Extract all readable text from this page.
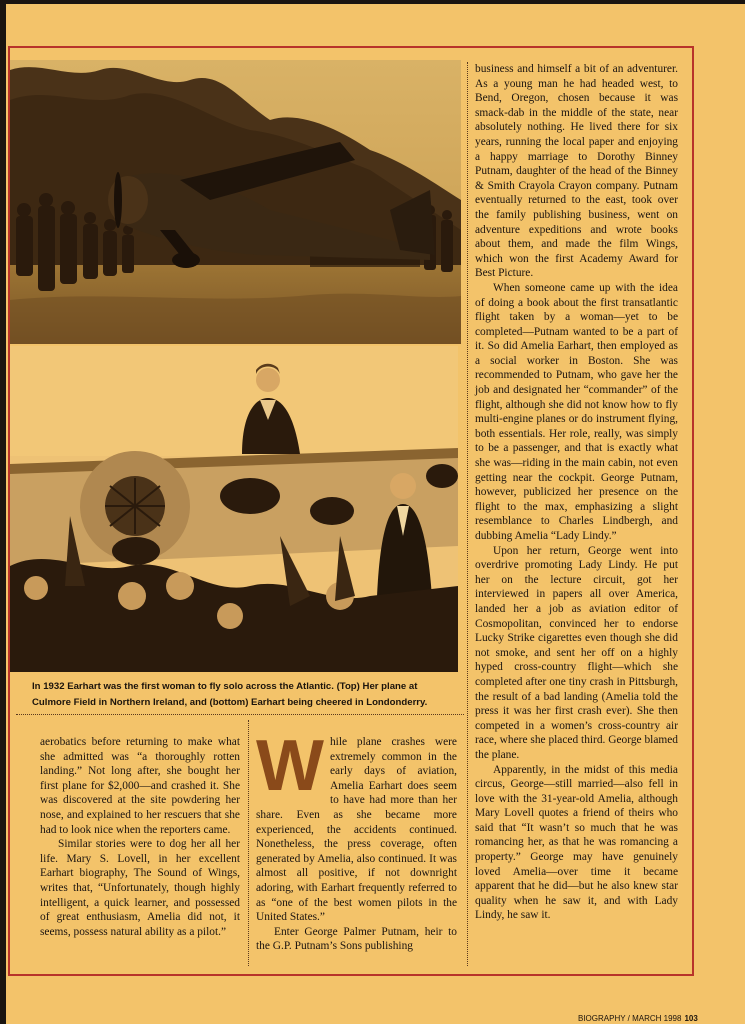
In 1932 Earhart was the first woman to fly solo across the Atlantic. (Top) Her plane at Culmore Field in Northern Ireland, and (bottom) Earhart being cheered in Londonderry.

aerobatics before returning to make what she admitted was “a thoroughly rotten landing.” Not long after, she bought her first plane for $2,000—and crashed it. She was discovered at the site powdering her nose, and explained to her rescuers that she had to look nice when the reporters came.

Similar stories were to dog her all her life. Mary S. Lovell, in her excellent Earhart biography, The Sound of Wings, writes that, “Unfortunately, though highly intelligent, a quick learner, and possessed of great enthusiasm, Amelia did not, it seems, possess natural ability as a pilot.”

W hile plane crashes were extremely common in the early days of aviation, Amelia Earhart does seem to have had more than her share. Even as she became more experienced, the accidents continued. Nonetheless, the press coverage, often generated by Amelia, also continued. It was almost all positive, if not downright adoring, with Earhart frequently referred to as “one of the best women pilots in the United States.”

Enter George Palmer Putnam, heir to the G.P. Putnam’s Sons publishing

business and himself a bit of an adventurer. As a young man he had headed west, to Bend, Oregon, chosen because it was smack-dab in the middle of the state, near absolutely nothing. He lived there for six years, running the local paper and enjoying a happy marriage to Dorothy Binney Putnam, daughter of the head of the Binney & Smith Crayola Crayon company. Putnam eventually returned to the east, took over the family publishing business, went on adventure expeditions and wrote books about them, and made the film Wings, which won the first Academy Award for Best Picture.

When someone came up with the idea of doing a book about the first transatlantic flight taken by a woman—yet to be completed—Putnam wanted to be a part of it. So did Amelia Earhart, then employed as a social worker in Boston. She was recommended to Putnam, who gave her the job and designated her “commander” of the flight, although she did not know how to fly multi-engine planes or do instrument flying, both essentials. Her role, really, was simply to be a passenger, and that is exactly what she was—riding in the main cabin, not even getting near the cockpit. George Putnam, however, publicized her presence on the flight to the max, emphasizing a slight resemblance to Charles Lindbergh, and dubbing Amelia “Lady Lindy.”

Upon her return, George went into overdrive promoting Lady Lindy. He put her on the lecture circuit, got her interviewed in papers all over America, landed her a job as aviation editor of Cosmopolitan, convinced her to endorse Lucky Strike cigarettes even though she did not smoke, and sent her off on a highly hyped cross-country flight—which she completed after one tiny crash in Pittsburgh, the result of a bad landing (Amelia told the press it was her first crash ever). She then competed in a women’s cross-country air race, where she placed third. George blamed the plane.

Apparently, in the midst of this media circus, George—still married—also fell in love with the 31-year-old Amelia, although Mary Lovell quotes a friend of theirs who said that “It wasn’t so much that he was romancing her, as that he was romancing a property.” George may have genuinely loved Amelia—over time it became apparent that he did—but he also knew star quality when he saw it, and with Lady Lindy, he saw it.

BIOGRAPHY / MARCH 1998 103
